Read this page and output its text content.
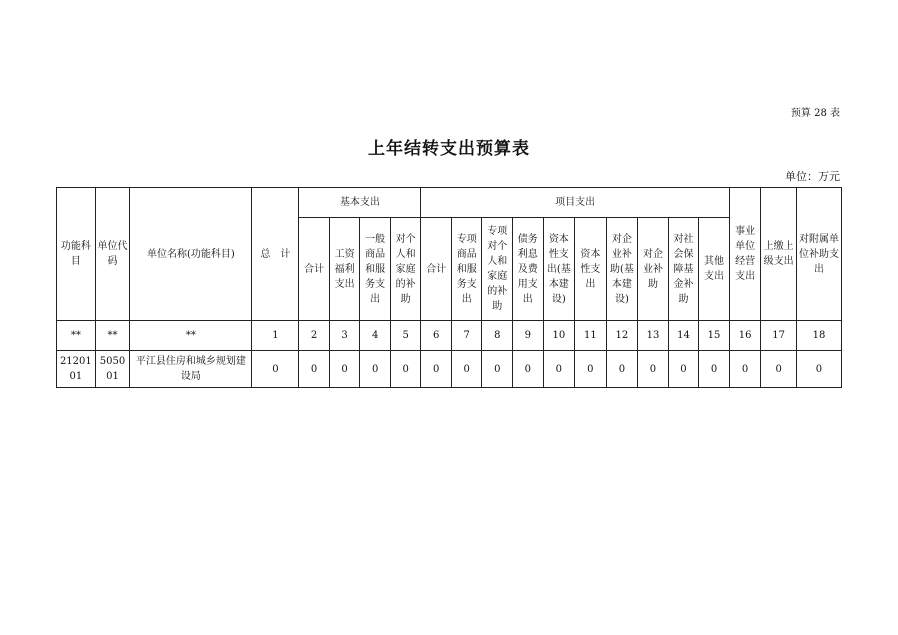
预算 28 表
上年结转支出预算表
单位：万元
功能科目	单位代码	单位名称(功能科目)	总　计	基本支出				项目支出										事业单位经营支出	上缴上级支出	对附属单位补助支出
				合计	工资福利支出	一般商品和服务支出	对个人和家庭的补助	合计	专项商品和服务支出	专项对个人和家庭的补助	债务利息及费用支出	资本性支出(基本建设)	资本性支出	对企业补助(基本建设)	对企业补助	对社会保障基金补助	其他支出			
**	**	**	1	2	3	4	5	6	7	8	9	10	11	12	13	14	15	16	17	18
2120101	505001	平江县住房和城乡规划建设局	0	0	0	0	0	0	0	0	0	0	0	0	0	0	0	0	0	0
